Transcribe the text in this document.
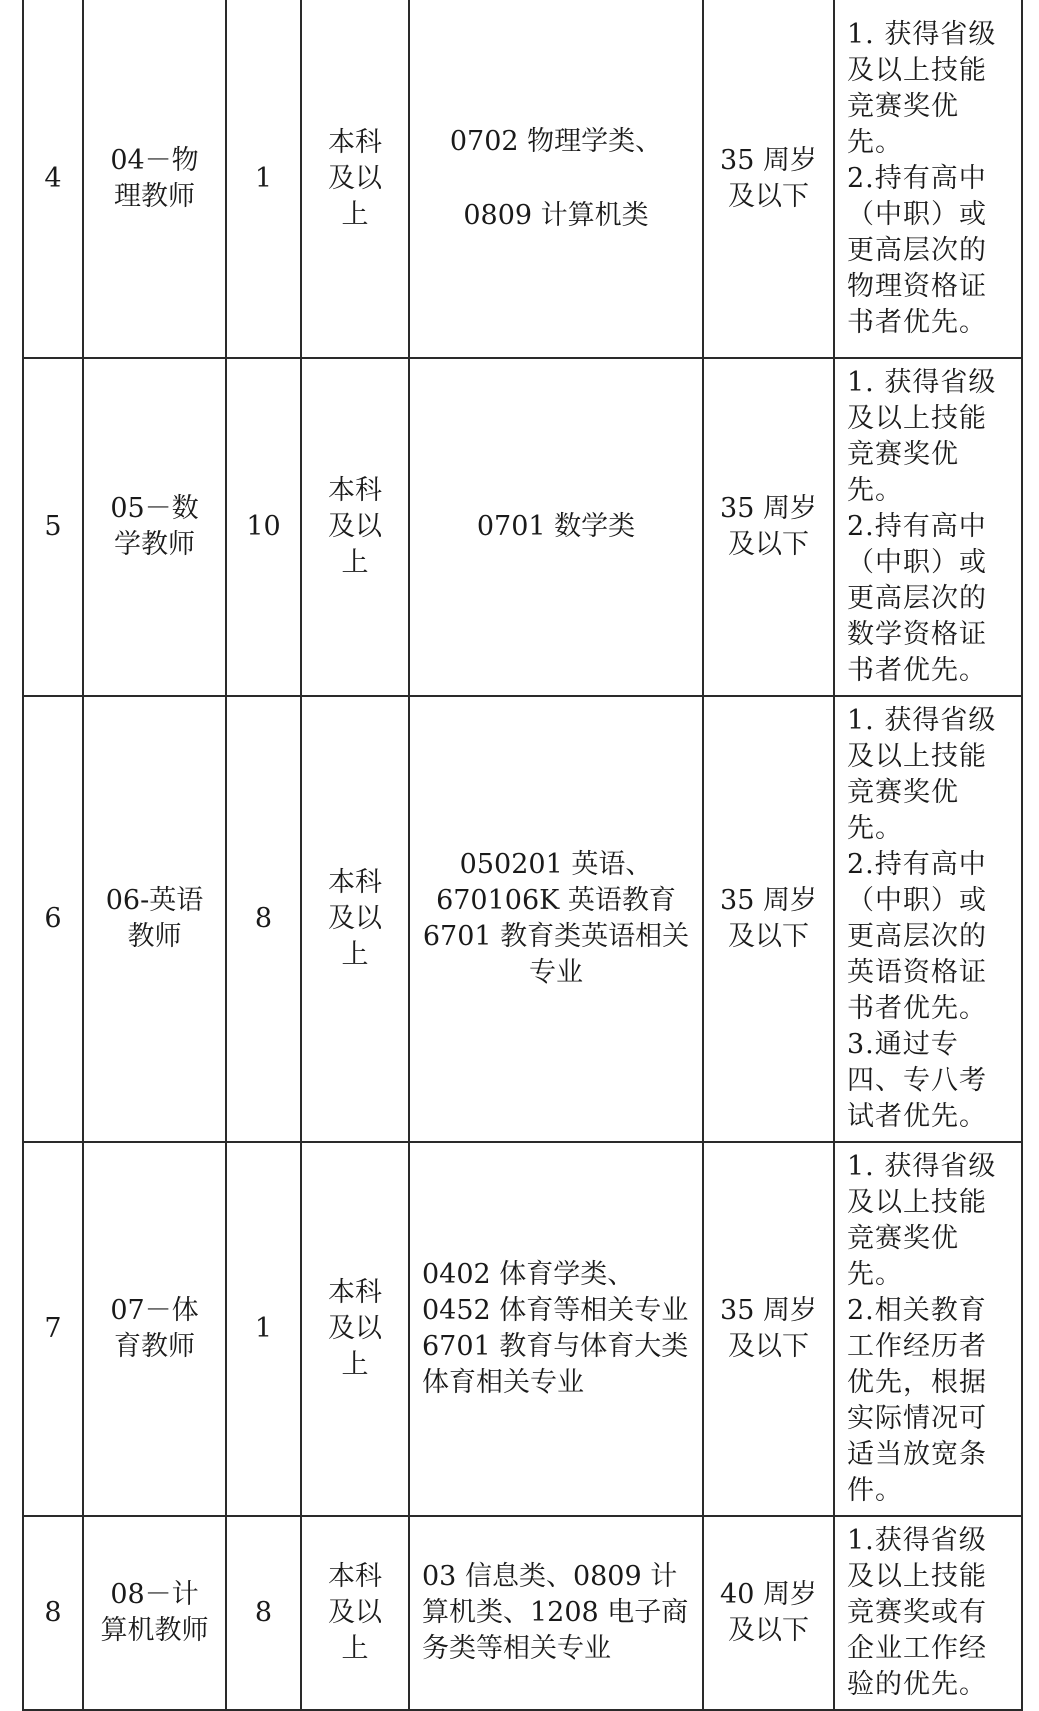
4	04－物理教师	1	本科及以上	0702 物理学类、
0809 计算机类	35 周岁及以下	1. 获得省级及以上技能竞赛奖优先。
2.持有高中（中职）或更高层次的物理资格证书者优先。

5	05－数学教师	10	本科及以上	0701 数学类	35 周岁及以下	1. 获得省级及以上技能竞赛奖优先。
2.持有高中（中职）或更高层次的数学资格证书者优先。

6	06-英语教师	8	本科及以上	050201 英语、
670106K 英语教育
6701 教育类英语相关专业	35 周岁及以下	1. 获得省级及以上技能竞赛奖优先。
2.持有高中（中职）或更高层次的英语资格证书者优先。
3.通过专四、专八考试者优先。

7	07－体育教师	1	本科及以上	0402 体育学类、
0452 体育等相关专业
6701 教育与体育大类体育相关专业	35 周岁及以下	1. 获得省级及以上技能竞赛奖优先。
2.相关教育工作经历者优先，根据实际情况可适当放宽条件。

8	08－计算机教师	8	本科及以上	03 信息类、0809 计算机类、1208 电子商务类等相关专业	40 周岁及以下	1.获得省级及以上技能竞赛奖或有企业工作经验的优先。
